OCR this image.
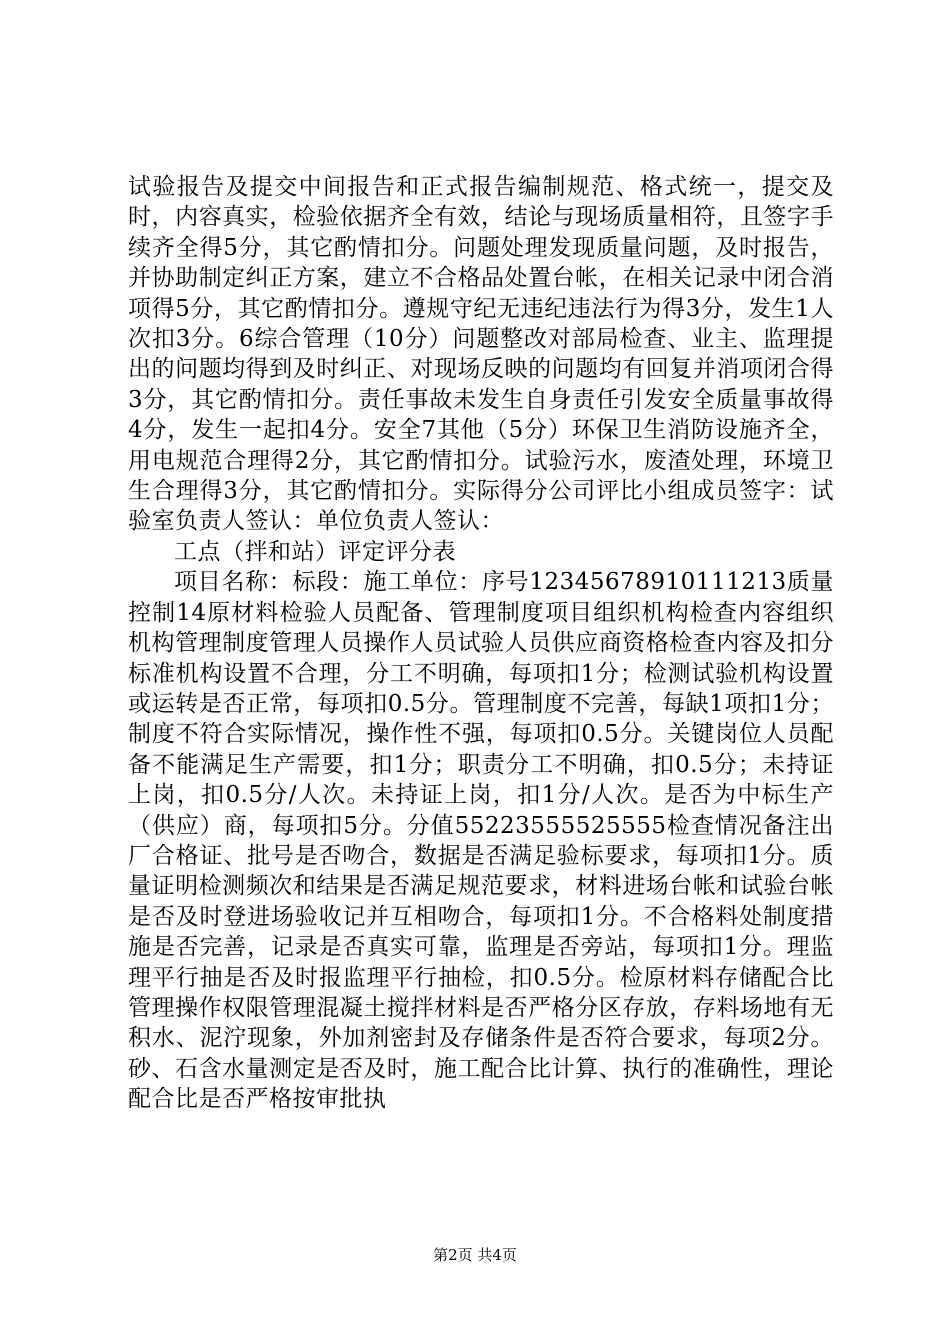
试验报告及提交中间报告和正式报告编制规范、格式统一，提交及时，内容真实，检验依据齐全有效，结论与现场质量相符，且签字手续齐全得5分，其它酌情扣分。问题处理发现质量问题，及时报告，并协助制定纠正方案，建立不合格品处置台帐，在相关记录中闭合消项得5分，其它酌情扣分。遵规守纪无违纪违法行为得3分，发生1人次扣3分。6综合管理（10分）问题整改对部局检查、业主、监理提出的问题均得到及时纠正、对现场反映的问题均有回复并消项闭合得3分，其它酌情扣分。责任事故未发生自身责任引发安全质量事故得4分，发生一起扣4分。安全7其他（5分）环保卫生消防设施齐全，用电规范合理得2分，其它酌情扣分。试验污水，废渣处理，环境卫生合理得3分，其它酌情扣分。实际得分公司评比小组成员签字：试验室负责人签认：单位负责人签认：

工点（拌和站）评定评分表

项目名称：标段：施工单位：序号12345678910111213质量控制14原材料检验人员配备、管理制度项目组织机构检查内容组织机构管理制度管理人员操作人员试验人员供应商资格检查内容及扣分标准机构设置不合理，分工不明确，每项扣1分；检测试验机构设置或运转是否正常，每项扣0.5分。管理制度不完善，每缺1项扣1分；制度不符合实际情况，操作性不强，每项扣0.5分。关键岗位人员配备不能满足生产需要，扣1分；职责分工不明确，扣0.5分；未持证上岗，扣0.5分/人次。未持证上岗，扣1分/人次。是否为中标生产（供应）商，每项扣5分。分值55223555525555检查情况备注出厂合格证、批号是否吻合，数据是否满足验标要求，每项扣1分。质量证明检测频次和结果是否满足规范要求，材料进场台帐和试验台帐是否及时登进场验收记并互相吻合，每项扣1分。不合格料处制度措施是否完善，记录是否真实可靠，监理是否旁站，每项扣1分。理监理平行抽是否及时报监理平行抽检，扣0.5分。检原材料存储配合比管理操作权限管理混凝土搅拌材料是否严格分区存放，存料场地有无积水、泥泞现象，外加剂密封及存储条件是否符合要求，每项2分。砂、石含水量测定是否及时，施工配合比计算、执行的准确性，理论配合比是否严格按审批执

第2页 共4页
